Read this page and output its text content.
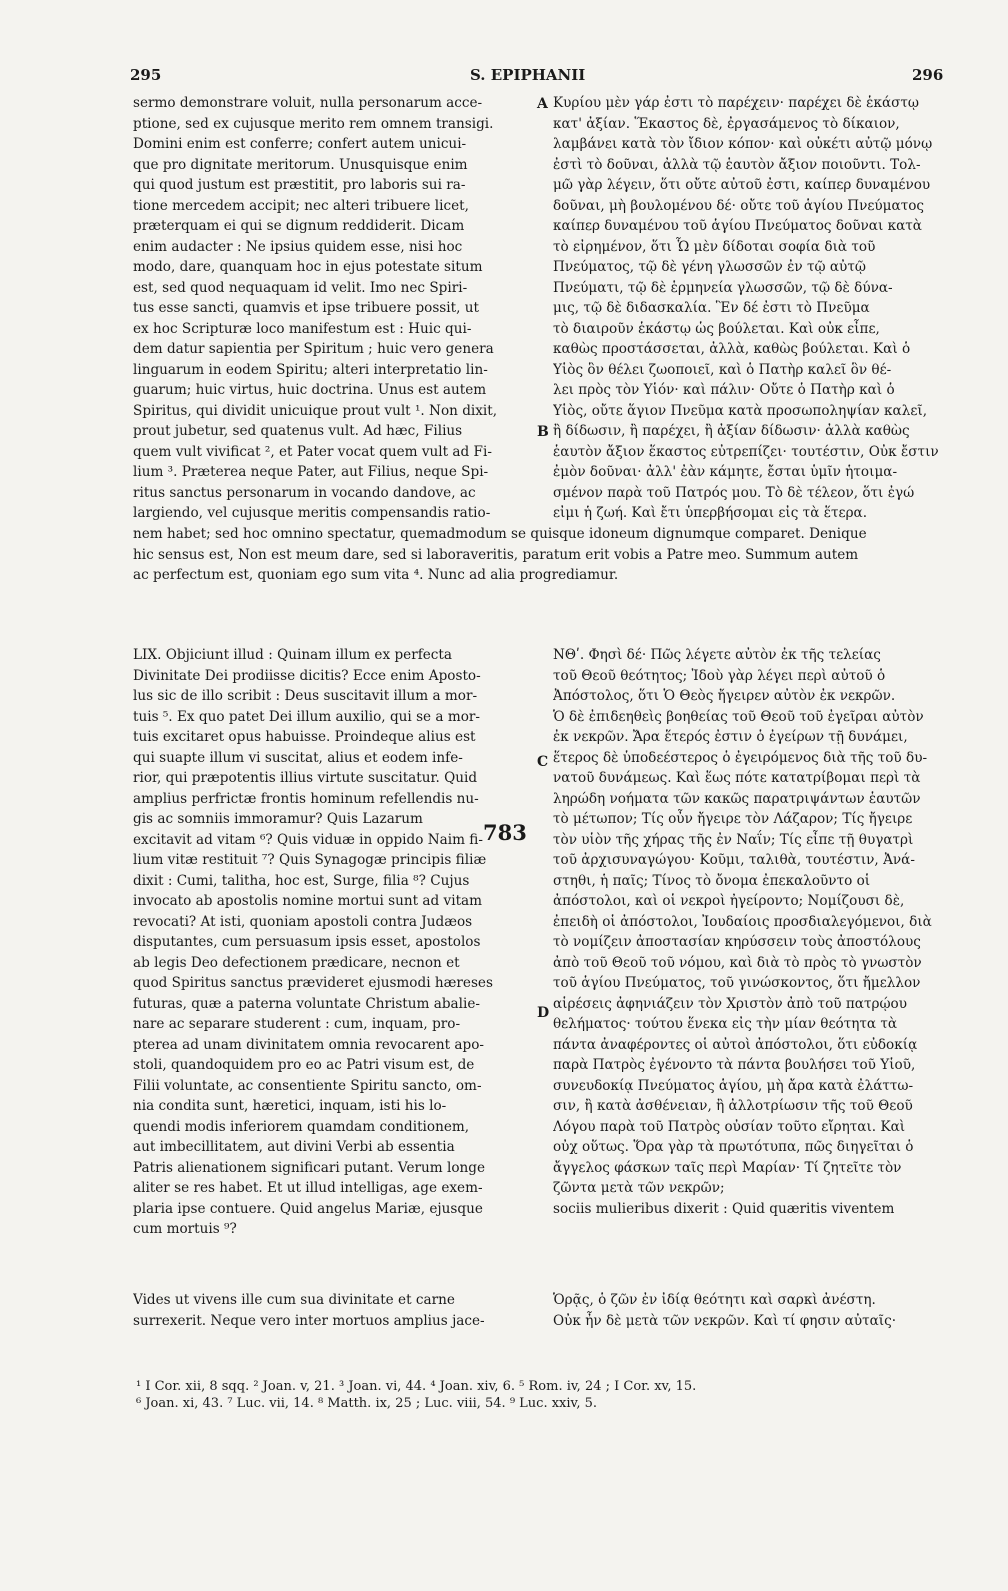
295	S. EPIPHANII	296
A
B
C
D
783
sermo demonstrare voluit, nulla personarum acce-
ptione, sed ex cujusque merito rem omnem transigi.
Domini enim est conferre; confert autem unicui-
que pro dignitate meritorum. Unusquisque enim
qui quod justum est præstitit, pro laboris sui ra-
tione mercedem accipit; nec alteri tribuere licet,
præterquam ei qui se dignum reddiderit. Dicam
enim audacter : Ne ipsius quidem esse, nisi hoc
modo, dare, quanquam hoc in ejus potestate situm
est, sed quod nequaquam id velit. Imo nec Spiri-
tus esse sancti, quamvis et ipse tribuere possit, ut
ex hoc Scripturæ loco manifestum est : Huic qui-
dem datur sapientia per Spiritum ; huic vero genera
linguarum in eodem Spiritu; alteri interpretatio lin-
guarum; huic virtus, huic doctrina. Unus est autem
Spiritus, qui dividit unicuique prout vult ¹. Non dixit,
prout jubetur, sed quatenus vult. Ad hæc, Filius
quem vult vivificat ², et Pater vocat quem vult ad Fi-
lium ³. Præterea neque Pater, aut Filius, neque Spi-
ritus sanctus personarum in vocando dandove, ac
largiendo, vel cujusque meritis compensandis ratio-
Κυρίου μὲν γάρ ἐστι τὸ παρέχειν· παρέχει δὲ ἑκάστῳ
κατ' ἀξίαν. Ἕκαστος δὲ, ἐργασάμενος τὸ δίκαιον,
λαμβάνει κατὰ τὸν ἴδιον κόπον· καὶ οὐκέτι αὐτῷ μόνῳ
ἐστὶ τὸ δοῦναι, ἀλλὰ τῷ ἑαυτὸν ἄξιον ποιοῦντι. Τολ-
μῶ γὰρ λέγειν, ὅτι οὔτε αὐτοῦ ἐστι, καίπερ δυναμένου
δοῦναι, μὴ βουλομένου δέ· οὔτε τοῦ ἁγίου Πνεύματος
καίπερ δυναμένου τοῦ ἁγίου Πνεύματος δοῦναι κατὰ
τὸ εἰρημένον, ὅτι Ὧ μὲν δίδοται σοφία διὰ τοῦ
Πνεύματος, τῷ δὲ γένη γλωσσῶν ἐν τῷ αὐτῷ
Πνεύματι, τῷ δὲ ἑρμηνεία γλωσσῶν, τῷ δὲ δύνα-
μις, τῷ δὲ διδασκαλία. Ἓν δέ ἐστι τὸ Πνεῦμα
τὸ διαιροῦν ἑκάστῳ ὡς βούλεται. Καὶ οὐκ εἶπε,
καθὼς προστάσσεται, ἀλλὰ, καθὼς βούλεται. Καὶ ὁ
Υἱὸς ὃν θέλει ζωοποιεῖ, καὶ ὁ Πατὴρ καλεῖ ὃν θέ-
λει πρὸς τὸν Υἱόν· καὶ πάλιν· Οὔτε ὁ Πατὴρ καὶ ὁ
Υἱὸς, οὔτε ἅγιον Πνεῦμα κατὰ προσωποληψίαν καλεῖ,
ἢ δίδωσιν, ἢ παρέχει, ἢ ἀξίαν δίδωσιν· ἀλλὰ καθὼς
ἑαυτὸν ἄξιον ἕκαστος εὐτρεπίζει· τουτέστιν, Οὐκ ἔστιν
ἐμὸν δοῦναι· ἀλλ' ἐὰν κάμητε, ἔσται ὑμῖν ἡτοιμα-
σμένον παρὰ τοῦ Πατρός μου. Τὸ δὲ τέλεον, ὅτι ἐγώ
εἰμι ἡ ζωή. Καὶ ἔτι ὑπερβήσομαι εἰς τὰ ἕτερα.
nem habet; sed hoc omnino spectatur, quemadmodum se quisque idoneum dignumque comparet. Denique
hic sensus est, Non est meum dare, sed si laboraveritis, paratum erit vobis a Patre meo. Summum autem
ac perfectum est, quoniam ego sum vita ⁴. Nunc ad alia progrediamur.
LIX. Objiciunt illud : Quinam illum ex perfecta
Divinitate Dei prodiisse dicitis? Ecce enim Aposto-
lus sic de illo scribit : Deus suscitavit illum a mor-
tuis ⁵. Ex quo patet Dei illum auxilio, qui se a mor-
tuis excitaret opus habuisse. Proindeque alius est
qui suapte illum vi suscitat, alius et eodem infe-
rior, qui præpotentis illius virtute suscitatur. Quid
amplius perfrictæ frontis hominum refellendis nu-
gis ac somniis immoramur? Quis Lazarum
excitavit ad vitam ⁶? Quis viduæ in oppido Naim fi-
lium vitæ restituit ⁷? Quis Synagogæ principis filiæ
dixit : Cumi, talitha, hoc est, Surge, filia ⁸? Cujus
invocato ab apostolis nomine mortui sunt ad vitam
revocati? At isti, quoniam apostoli contra Judæos
disputantes, cum persuasum ipsis esset, apostolos
ab legis Deo defectionem prædicare, necnon et
quod Spiritus sanctus prævideret ejusmodi hæreses
futuras, quæ a paterna voluntate Christum abalie-
nare ac separare studerent : cum, inquam, pro-
pterea ad unam divinitatem omnia revocarent apo-
stoli, quandoquidem pro eo ac Patri visum est, de
Filii voluntate, ac consentiente Spiritu sancto, om-
nia condita sunt, hæretici, inquam, isti his lo-
quendi modis inferiorem quamdam conditionem,
aut imbecillitatem, aut divini Verbi ab essentia
Patris alienationem significari putant. Verum longe
aliter se res habet. Et ut illud intelligas, age exem-
plaria ipse contuere. Quid angelus Mariæ, ejusque
cum mortuis ⁹?
ΝΘʹ. Φησὶ δέ· Πῶς λέγετε αὐτὸν ἐκ τῆς τελείας
τοῦ Θεοῦ θεότητος; Ἰδοὺ γὰρ λέγει περὶ αὐτοῦ ὁ
Ἀπόστολος, ὅτι Ὁ Θεὸς ἤγειρεν αὐτὸν ἐκ νεκρῶν.
Ὁ δὲ ἐπιδεηθεὶς βοηθείας τοῦ Θεοῦ τοῦ ἐγεῖραι αὐτὸν
ἐκ νεκρῶν. Ἄρα ἕτερός ἐστιν ὁ ἐγείρων τῇ δυνάμει,
ἕτερος δὲ ὑποδεέστερος ὁ ἐγειρόμενος διὰ τῆς τοῦ δυ-
νατοῦ δυνάμεως. Καὶ ἕως πότε κατατρίβομαι περὶ τὰ
ληρώδη νοήματα τῶν κακῶς παρατριψάντων ἑαυτῶν
τὸ μέτωπον; Τίς οὖν ἤγειρε τὸν Λάζαρον; Τίς ἤγειρε
τὸν υἱὸν τῆς χήρας τῆς ἐν Ναΐν; Τίς εἶπε τῇ θυγατρὶ
τοῦ ἀρχισυναγώγου· Κοῦμι, ταλιθὰ, τουτέστιν, Ἀνά-
στηθι, ἡ παῖς; Τίνος τὸ ὄνομα ἐπεκαλοῦντο οἱ
ἀπόστολοι, καὶ οἱ νεκροὶ ἠγείροντο; Νομίζουσι δὲ,
ἐπειδὴ οἱ ἀπόστολοι, Ἰουδαίοις προσδιαλεγόμενοι, διὰ
τὸ νομίζειν ἀποστασίαν κηρύσσειν τοὺς ἀποστόλους
ἀπὸ τοῦ Θεοῦ τοῦ νόμου, καὶ διὰ τὸ πρὸς τὸ γνωστὸν
τοῦ ἁγίου Πνεύματος, τοῦ γινώσκοντος, ὅτι ἤμελλον
αἱρέσεις ἀφηνιάζειν τὸν Χριστὸν ἀπὸ τοῦ πατρῴου
θελήματος· τούτου ἕνεκα εἰς τὴν μίαν θεότητα τὰ
πάντα ἀναφέροντες οἱ αὐτοὶ ἀπόστολοι, ὅτι εὐδοκίᾳ
παρὰ Πατρὸς ἐγένοντο τὰ πάντα βουλήσει τοῦ Υἱοῦ,
συνευδοκίᾳ Πνεύματος ἁγίου, μὴ ἄρα κατὰ ἐλάττω-
σιν, ἢ κατὰ ἀσθένειαν, ἢ ἀλλοτρίωσιν τῆς τοῦ Θεοῦ
Λόγου παρὰ τοῦ Πατρὸς οὐσίαν τοῦτο εἴρηται. Καὶ
οὐχ οὕτως. Ὅρα γὰρ τὰ πρωτότυπα, πῶς διηγεῖται ὁ
ἄγγελος φάσκων ταῖς περὶ Μαρίαν· Τί ζητεῖτε τὸν
ζῶντα μετὰ τῶν νεκρῶν;
sociis mulieribus dixerit : Quid quæritis viventem
Vides ut vivens ille cum sua divinitate et carne
surrexerit. Neque vero inter mortuos amplius jace-
Ὁρᾷς, ὁ ζῶν ἐν ἰδίᾳ θεότητι καὶ σαρκὶ ἀνέστη.
Οὐκ ἦν δὲ μετὰ τῶν νεκρῶν. Καὶ τί φησιν αὐταῖς·
¹ I Cor. xii, 8 sqq. ² Joan. v, 21. ³ Joan. vi, 44. ⁴ Joan. xiv, 6. ⁵ Rom. iv, 24 ; I Cor. xv, 15.
⁶ Joan. xi, 43. ⁷ Luc. vii, 14. ⁸ Matth. ix, 25 ; Luc. viii, 54. ⁹ Luc. xxiv, 5.
